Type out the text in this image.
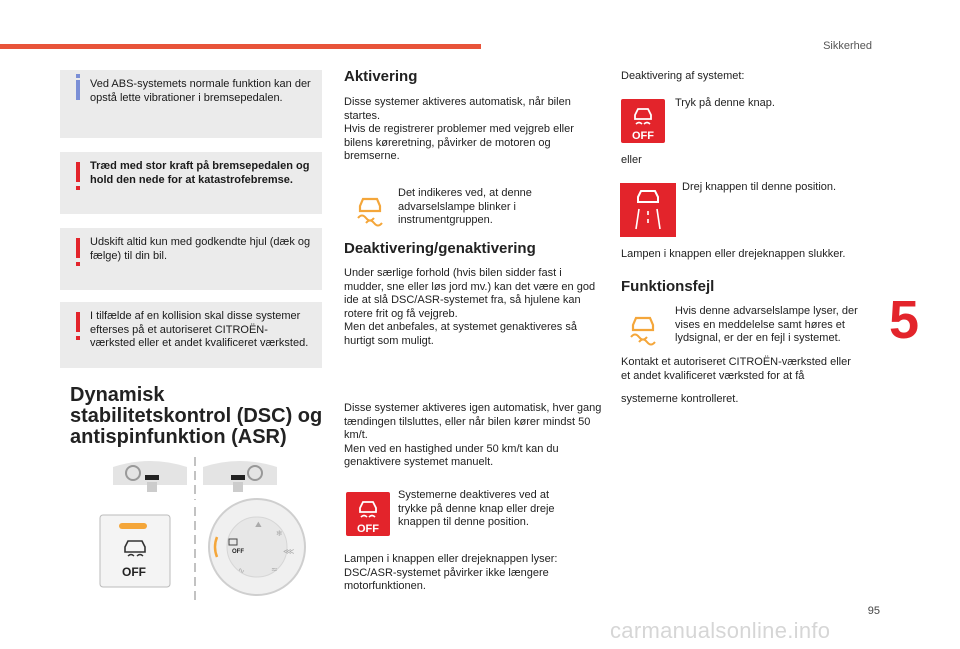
Sikkerhed
Ved ABS-systemets normale funktion kan der opstå lette vibrationer i bremsepedalen.
Træd med stor kraft på bremsepedalen og hold den nede for at katastrofebremse.
Udskift altid kun med godkendte hjul (dæk og fælge) til din bil.
I tilfælde af en kollision skal disse systemer efterses på et autoriseret CITROËN-værksted eller et andet kvalificeret værksted.
Dynamisk stabilitetskontrol (DSC) og antispinfunktion (ASR)
OFF
OFF
⛰
❄
⋘
≈
∿
Aktivering
Disse systemer aktiveres automatisk, når bilen startes.
Hvis de registrerer problemer med vejgreb eller bilens køreretning, påvirker de motoren og bremserne.
Det indikeres ved, at denne advarselslampe blinker i instrumentgruppen.
Deaktivering/genaktivering
Under særlige forhold (hvis bilen sidder fast i mudder, sne eller løs jord mv.) kan det være en god ide at slå DSC/ASR-systemet fra, så hjulene kan rotere frit og få vejgreb.
Men det anbefales, at systemet genaktiveres så hurtigt som muligt.
Disse systemer aktiveres igen automatisk, hver gang tændingen tilsluttes, eller når bilen kører mindst 50 km/t.
Men ved en hastighed under 50 km/t kan du genaktivere systemet manuelt.
OFF
Systemerne deaktiveres ved at trykke på denne knap eller dreje knappen til denne position.
Lampen i knappen eller drejeknappen lyser: DSC/ASR-systemet påvirker ikke længere motorfunktionen.
Deaktivering af systemet:
OFF
Tryk på denne knap.
eller
Drej knappen til denne position.
Lampen i knappen eller drejeknappen slukker.
Funktionsfejl
Hvis denne advarselslampe lyser, der vises en meddelelse samt høres et lydsignal, er der en fejl i systemet.
Kontakt et autoriseret CITROËN-værksted eller et andet kvalificeret værksted for at få
systemerne kontrolleret.
5
95
carmanualsonline.info
